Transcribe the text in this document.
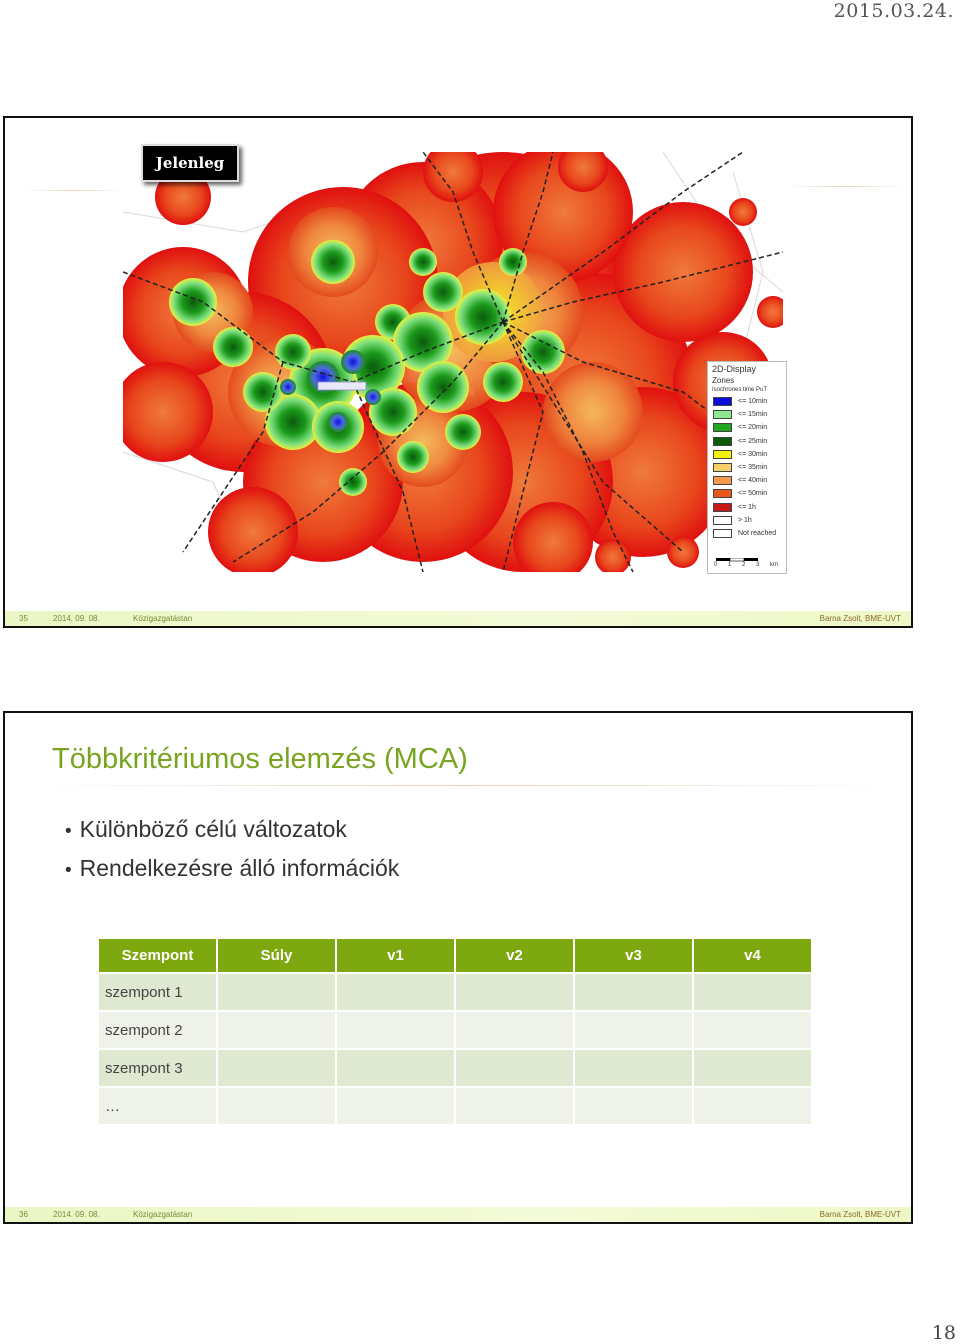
2015.03.24.
Jelenleg
2D-Display
Zones
Isochrones time PuT
<= 10min
<= 15min
<= 20min
<= 25min
<= 30min
<= 35min
<= 40min
<= 50min
<= 1h
> 1h
Not reached
0 1 2 3 km
35	2014. 09. 08.	Közigazgatástan	Barna Zsolt, BME-UVT
Többkritériumos elemzés (MCA)
• Különböző célú változatok
• Rendelkezésre álló információk
Szempont	Súly	v1	v2	v3	v4
szempont 1					
szempont 2					
szempont 3					
…					
36	2014. 09. 08.	Közigazgatástan	Barna Zsolt, BME-UVT
18
